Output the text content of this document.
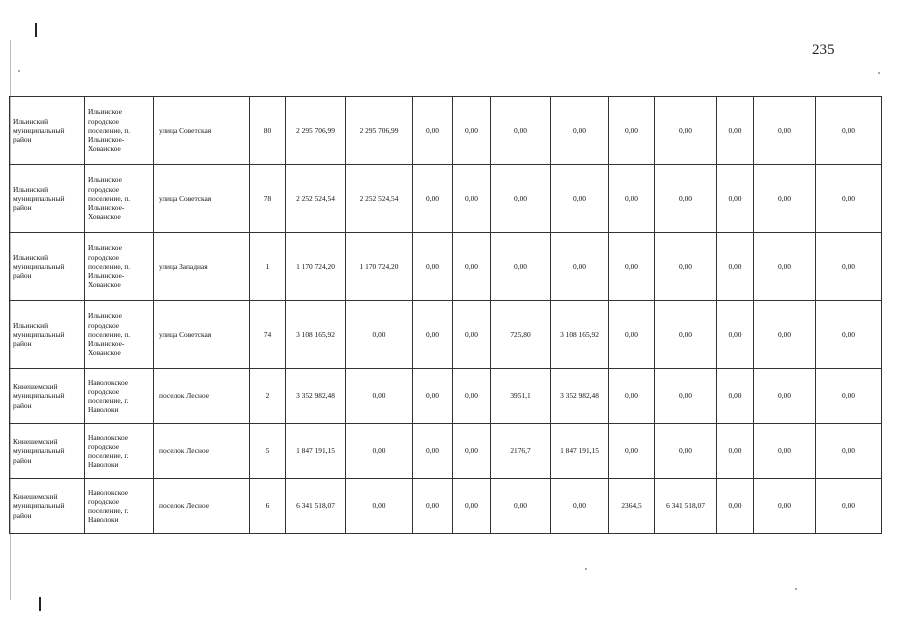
235
Ильинский муниципальный район	Ильинское городское поселение, п. Ильинское-Хованское	улица Советская	80	2 295 706,99	2 295 706,99	0,00	0,00	0,00	0,00	0,00	0,00	0,00	0,00	0,00
Ильинский муниципальный район	Ильинское городское поселение, п. Ильинское-Хованское	улица Советская	78	2 252 524,54	2 252 524,54	0,00	0,00	0,00	0,00	0,00	0,00	0,00	0,00	0,00
Ильинский муниципальный район	Ильинское городское поселение, п. Ильинское-Хованское	улица Западная	1	1 170 724,20	1 170 724,20	0,00	0,00	0,00	0,00	0,00	0,00	0,00	0,00	0,00
Ильинский муниципальный район	Ильинское городское поселение, п. Ильинское-Хованское	улица Советская	74	3 108 165,92	0,00	0,00	0,00	725,80	3 108 165,92	0,00	0,00	0,00	0,00	0,00
Кинешемский муниципальный район	Наволокское городское поселение, г. Наволоки	поселок Лесное	2	3 352 982,48	0,00	0,00	0,00	3951,1	3 352 982,48	0,00	0,00	0,00	0,00	0,00
Кинешемский муниципальный район	Наволокское городское поселение, г. Наволоки	поселок Лесное	5	1 847 191,15	0,00	0,00	0,00	2176,7	1 847 191,15	0,00	0,00	0,00	0,00	0,00
Кинешемский муниципальный район	Наволокское городское поселение, г. Наволоки	поселок Лесное	6	6 341 518,07	0,00	0,00	0,00	0,00	0,00	2364,5	6 341 518,07	0,00	0,00	0,00
